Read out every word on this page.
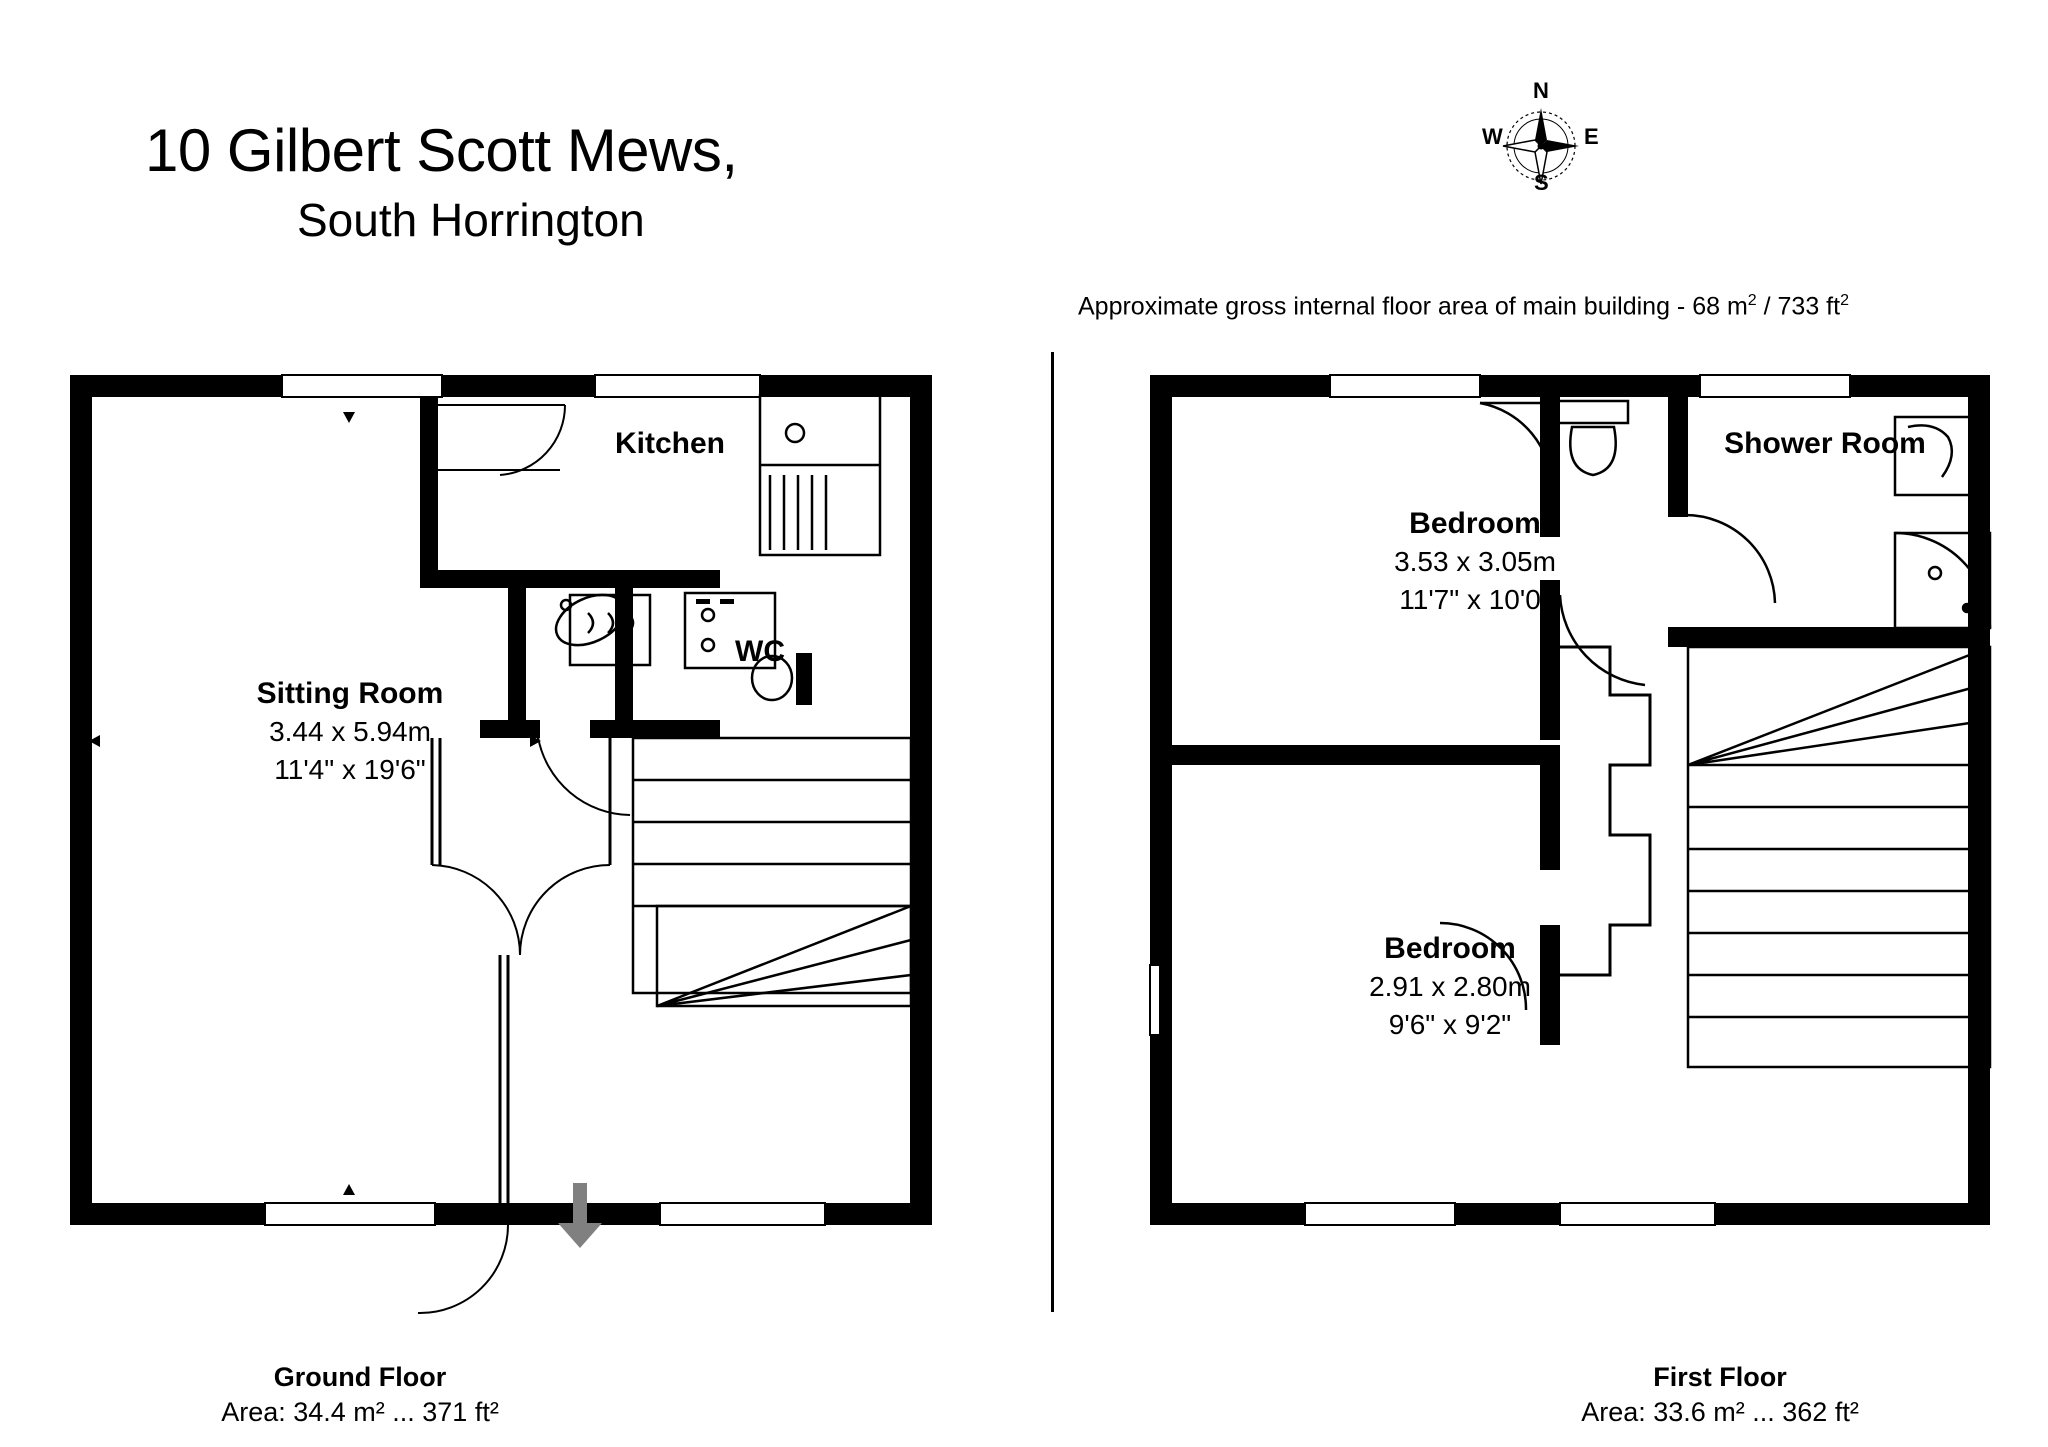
10 Gilbert Scott Mews,
South Horrington
N
E
S
W
Approximate gross internal floor area of main building - 68 $m^2 / 733$ $ft^2$
Sitting Room
3.44 x 5.94m
11'4" x 19'6"
Kitchen
WC
Bedroom
3.53 x 3.05m
11'7" x 10'0"
Bedroom
2.91 x 2.80m
9'6" x 9'2"
Shower Room
Ground Floor
Area: 34.4 m² ... 371 ft²
First Floor
Area: 33.6 m² ... 362 ft²
